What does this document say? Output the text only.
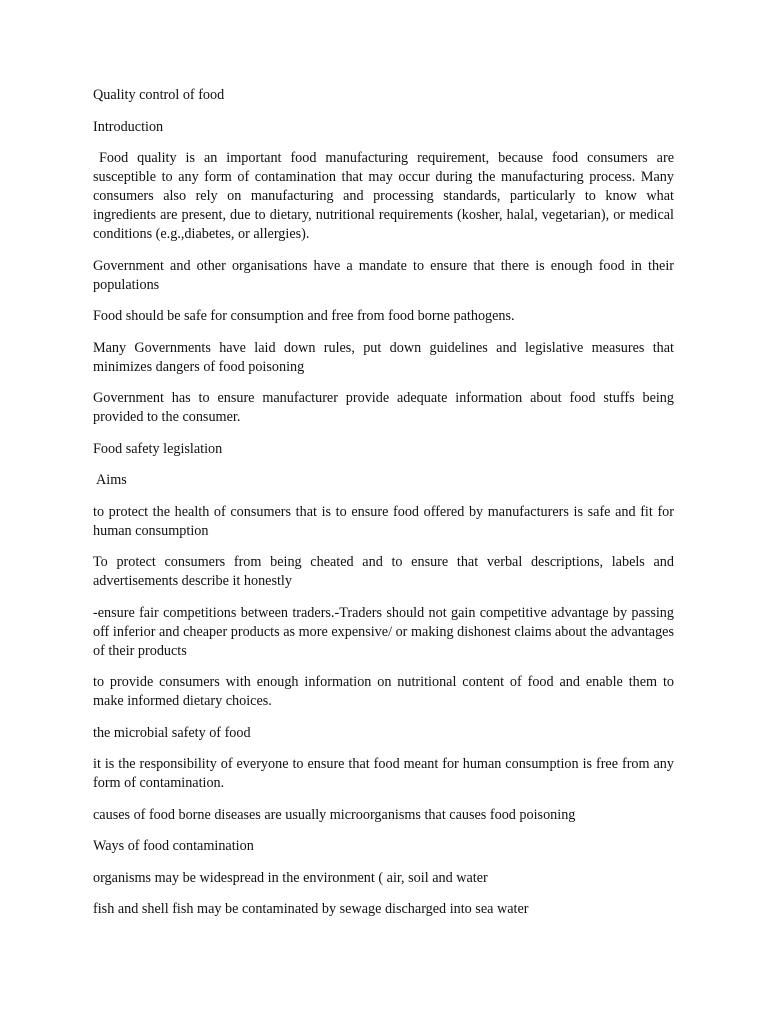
Quality control of food

Introduction

Food quality is an important food manufacturing requirement, because food consumers are susceptible to any form of contamination that may occur during the manufacturing process. Many consumers also rely on manufacturing and processing standards, particularly to know what ingredients are present, due to dietary, nutritional requirements (kosher, halal, vegetarian), or medical conditions (e.g.,diabetes, or allergies).

Government and other organisations have a mandate to ensure that there is enough food in their populations

Food should be safe for consumption and free from food borne pathogens.

Many Governments have laid down rules, put down guidelines and legislative measures that minimizes dangers of food poisoning

Government has to ensure manufacturer provide adequate information about food stuffs being provided to the consumer.

Food safety legislation

Aims

to protect the health of consumers that is to ensure food offered by manufacturers is safe and fit for human consumption

To protect consumers from being cheated and to ensure that verbal descriptions, labels and advertisements describe it honestly

-ensure fair competitions between traders.-Traders should not gain competitive advantage by passing off inferior and cheaper products as more expensive/ or making dishonest claims about the advantages of their products

to provide consumers with enough information on nutritional content of food and enable them to make informed dietary choices.

the microbial safety of food

it is the responsibility of everyone to ensure that food meant for human consumption is free from any form of contamination.

causes of food borne diseases are usually microorganisms that causes food poisoning

Ways of food contamination

organisms may be widespread in the environment ( air, soil and water

fish and shell fish may be contaminated by sewage discharged into sea water
